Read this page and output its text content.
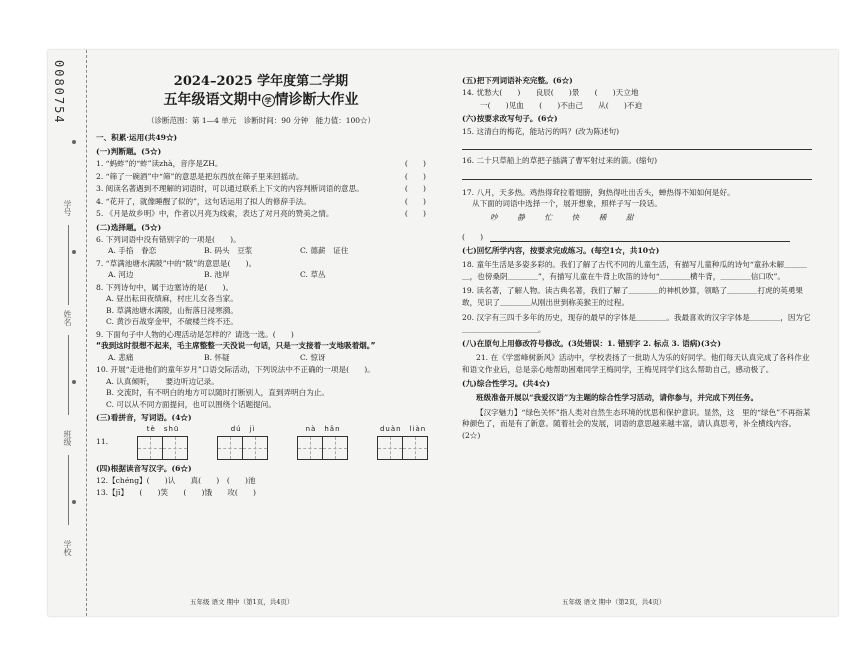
0080754
学号
姓名
班级
学校
2024–2025 学年度第二学期
五年级语文期中 学 情诊断大作业
（诊断范围：第 1—4 单元　诊断时间：90 分钟　能力值：100☆）
一、积累·运用(共49☆)
(一)判断题。(5☆)
1. “蚂蚱”的“蚱”读zhà，音序是ZH。	(　　)
2. “筛了一碗酒”中“筛”的意思是把东西放在筛子里来回摇动。	(　　)
3. 阅读名著遇到不理解的词语时，可以通过联系上下文的内容判断词语的意思。	(　　)
4. “花开了，就像睡醒了似的”，这句话运用了拟人的修辞手法。	(　　)
5. 《月是故乡明》中，作者以月亮为线索，表达了对月亮的赞美之情。	(　　)
(二)选择题。(5☆)
6. 下列词语中没有错别字的一项是(　　)。
A. 手掐　眷恋	B. 码头　豆浆	C. 德薪　证住
7. “草满池塘水满陂”中的“陂”的意思是(　　)。
A. 河边	B. 池岸	C. 草丛
8. 下列诗句中，属于边塞诗的是(　　)。
A. 昼出耘田夜绩麻，村庄儿女各当家。
B. 草满池塘水满陂，山衔落日浸寒漪。
C. 黄沙百战穿金甲，不破楼兰终不还。
9. 下面句子中人物的心理活动是怎样的？请选一选。(　　)
“我到这时很想不起来，毛主席整整一天没说一句话，只是一支接着一支地吸着烟。”
A. 悲痛	B. 怀疑	C. 惊讶
10. 开展“走进他们的童年岁月”口语交际活动，下列说法中不正确的一项是(　　)。
A. 认真倾听，　　要边听边记录。
B. 交流时，有不明白的地方可以随时打断别人，直到弄明白为止。
C. 可以从不同方面提问，也可以围绕个话题提问。
(三)看拼音，写词语。(4☆)
11.
tè　shū	dú　jì	nà　hǎn	duàn　liàn
(四)根据读音写汉字。(6☆)
12.【chéng】(　　)认　　真(　　)　(　　)池
13.【jī】　　(　　)笑　　(　　)饿　　攻(　　)
(五)把下列词语补充完整。(6☆)
14. 忧愁大(　　)　　良辰(　　)景　　(　　)天立地
一(　　)见血　　(　　)不由己　　从(　　)不迫
(六)按要求改写句子。(6☆)
15. 这清白的梅花，能玷污的吗？(改为陈述句)
16. 二十只草船上的草把子插满了曹军射过来的箭。(缩句)
17. 八月，天多热。鸡热得耷拉着翅膀，狗热得吐出舌头，蝉热得不知如何是好。
从下面的词语中选择一个，展开想象，照样子写一段话。
吵　静　忙　快　稀　甜
(　　)
(七)回忆所学内容，按要求完成练习。(每空1☆，共10☆)
18. 童年生活是多姿多彩的。我们了解了古代不同的儿童生活，有描写儿童种瓜的诗句“童孙未解＿＿＿＿，也傍桑阴＿＿＿＿”，有描写儿童在牛背上吹笛的诗句“＿＿＿＿横牛背，＿＿＿＿信口吹”。
19. 读名著，了解人物。读古典名著，我们了解了＿＿＿＿的神机妙算，领略了＿＿＿＿打虎的英勇果敢，见识了＿＿＿＿从刚出世到称美猴王的过程。
20. 汉字有三四千多年的历史，现存的最早的字体是＿＿＿＿。我最喜欢的汉字字体是＿＿＿＿，因为它＿＿＿＿＿＿＿＿＿＿。
(八)在原句上用修改符号修改。(3处错误：1. 错别字 2. 标点 3. 语病)(3☆)
21. 在《学雷峰树新风》活动中，学校表扬了一批助人为乐的好同学。他们每天认真完成了各科作业和语文作业后，总是亲心地帮助困难同学王梅同学，王梅见同学们这么帮助自己，感动极了。
(九)综合性学习。(共4☆)
班级准备开展以“我爱汉语”为主题的综合性学习活动，请你参与，并完成下列任务。
【汉字魅力】“绿色关怀”指人类对自然生态环境的忧思和保护意识。显然，这　里的“绿色”不再指某种颜色了，而是有了新意。随着社会的发展，词语的意思越来越丰富，请认真思考，补全横线内容。(2☆)
五年级 语文 期中（第1页，共4页）	五年级 语文 期中（第2页，共4页）
